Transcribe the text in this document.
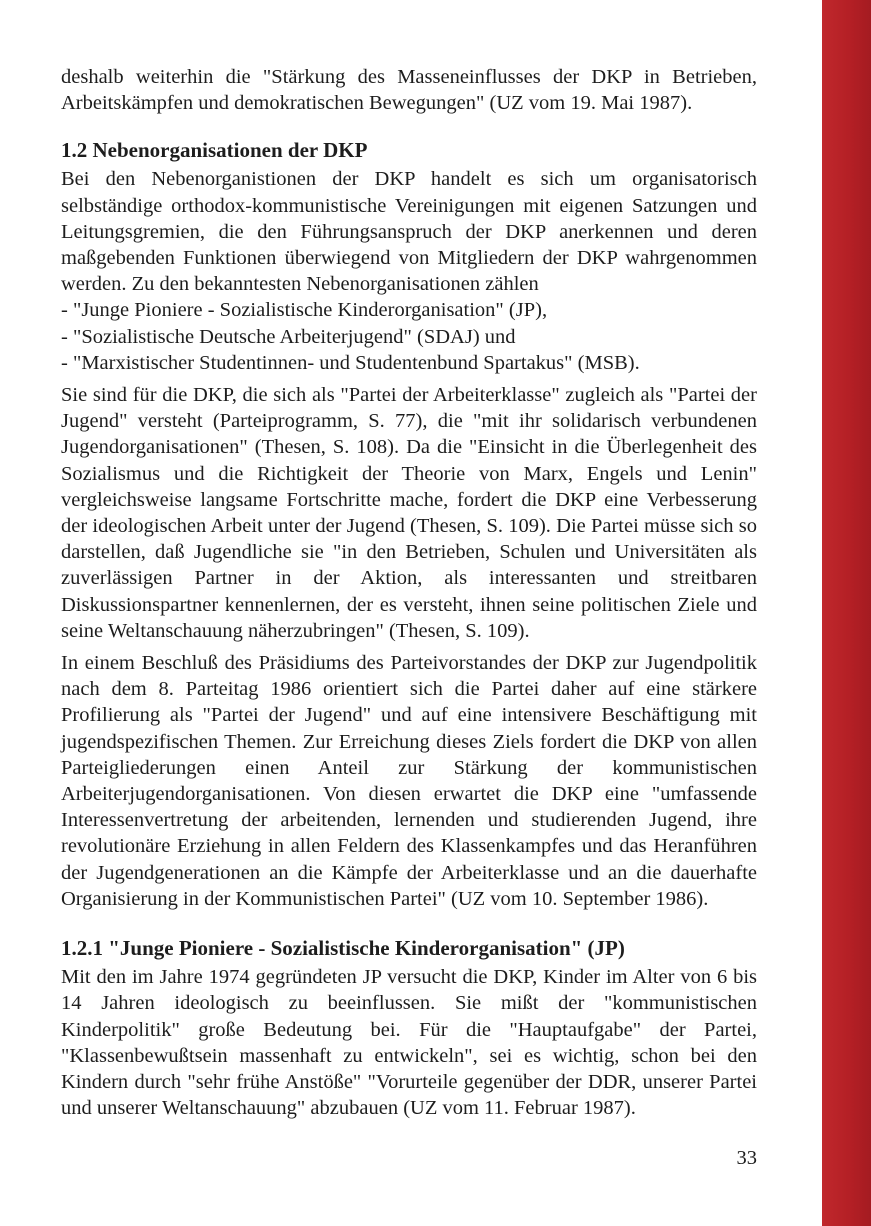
deshalb weiterhin die "Stärkung des Masseneinflusses der DKP in Betrieben, Arbeitskämpfen und demokratischen Bewegungen" (UZ vom 19. Mai 1987).

1.2 Nebenorganisationen der DKP

Bei den Nebenorganistionen der DKP handelt es sich um organisatorisch selbständige orthodox-kommunistische Vereinigungen mit eigenen Satzungen und Leitungsgremien, die den Führungsanspruch der DKP anerkennen und deren maßgebenden Funktionen überwiegend von Mitgliedern der DKP wahrgenommen werden. Zu den bekanntesten Nebenorganisationen zählen

- "Junge Pioniere - Sozialistische Kinderorganisation" (JP),
- "Sozialistische Deutsche Arbeiterjugend" (SDAJ) und
- "Marxistischer Studentinnen- und Studentenbund Spartakus" (MSB).

Sie sind für die DKP, die sich als "Partei der Arbeiterklasse" zugleich als "Partei der Jugend" versteht (Parteiprogramm, S. 77), die "mit ihr solidarisch verbundenen Jugendorganisationen" (Thesen, S. 108). Da die "Einsicht in die Überlegenheit des Sozialismus und die Richtigkeit der Theorie von Marx, Engels und Lenin" vergleichsweise langsame Fortschritte mache, fordert die DKP eine Verbesserung der ideologischen Arbeit unter der Jugend (Thesen, S. 109). Die Partei müsse sich so darstellen, daß Jugendliche sie "in den Betrieben, Schulen und Universitäten als zuverlässigen Partner in der Aktion, als interessanten und streitbaren Diskussionspartner kennenlernen, der es versteht, ihnen seine politischen Ziele und seine Weltanschauung näherzubringen" (Thesen, S. 109).

In einem Beschluß des Präsidiums des Parteivorstandes der DKP zur Jugendpolitik nach dem 8. Parteitag 1986 orientiert sich die Partei daher auf eine stärkere Profilierung als "Partei der Jugend" und auf eine intensivere Beschäftigung mit jugendspezifischen Themen. Zur Erreichung dieses Ziels fordert die DKP von allen Parteigliederungen einen Anteil zur Stärkung der kommunistischen Arbeiterjugendorganisationen. Von diesen erwartet die DKP eine "umfassende Interessenvertretung der arbeitenden, lernenden und studierenden Jugend, ihre revolutionäre Erziehung in allen Feldern des Klassenkampfes und das Heranführen der Jugendgenerationen an die Kämpfe der Arbeiterklasse und an die dauerhafte Organisierung in der Kommunistischen Partei" (UZ vom 10. September 1986).

1.2.1 "Junge Pioniere - Sozialistische Kinderorganisation" (JP)

Mit den im Jahre 1974 gegründeten JP versucht die DKP, Kinder im Alter von 6 bis 14 Jahren ideologisch zu beeinflussen. Sie mißt der "kommunistischen Kinderpolitik" große Bedeutung bei. Für die "Hauptaufgabe" der Partei, "Klassenbewußtsein massenhaft zu entwickeln", sei es wichtig, schon bei den Kindern durch "sehr frühe Anstöße" "Vorurteile gegenüber der DDR, unserer Partei und unserer Weltanschauung" abzubauen (UZ vom 11. Februar 1987).

33
